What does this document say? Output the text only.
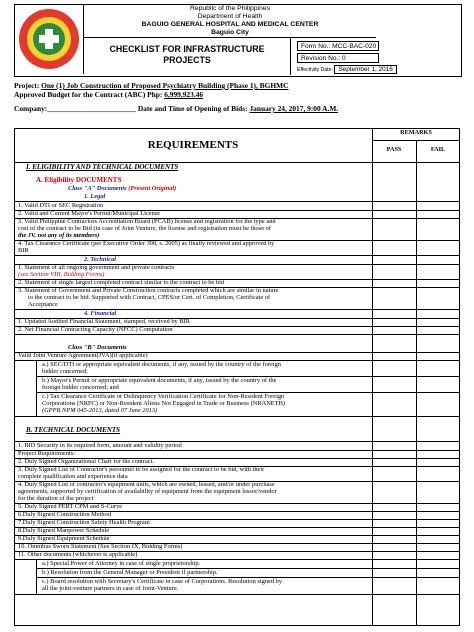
Republic of the Philippines
Department of Health
BAGUIO GENERAL HOSPITAL AND MEDICAL CENTER
Baguio City
CHECKLIST FOR INFRASTRUCTURE
PROJECTS
Form No.: MCC-BAC-020
Revision No.: 0
Effectivity Date: September 1, 2016
Project: One (1) Job Construction of Proposed Psychiatry Building (Phase 1), BGHMC
Approved Budget for the Contract (ABC) Php: 6,999,923.46
Company:________________________ Date and Time of Opening of Bids: January 24, 2017, 9:00 A.M.
REQUIREMENTS
REMARKS
PASS	FAIL
I. ELIGIBILITY AND TECHNICAL DOCUMENTS
A. Eligibility DOCUMENTS
Class "A" Documents (Present Original)
1. Legal
1. Valid DTI or SEC Registration
2. Valid and Current Mayor's Permit/Municipal License
3. Valid Philippine Contractors Accreditation Board (PCAB) license and registration for the type and
cost of the contract to be Bid (in case of Joint Venture, the license and registration must be those of
the JV, not any of its members)
4. Tax Clearance Certificate (per Executive Order 398, s. 2005) as finally reviewed and approved by
BIR
2. Technical
1. Statement of all ongoing government and private contracts
(see Section VIII, Bidding Forms)
2. Statement of single largest completed contract similar to the contract to be bid
3. Statement of Government and Private Construction contracts completed which are similar in nature
to the contract to be bid. Supported with Contract, CPES/or Cert. of Completion, Certificate of
Acceptance
4. Financial
1. Updated Audited Financial Statement, stamped, received by BIR
2. Net Financial Contracting Capacity (NFCC) Computation
Class "B" Documents
Valid Joint Venture Agreement(JVA)(if applicable)
a.) SEC/DTI or appropriate equivalent documents, if any, issued by the country of the foreign
bidder concerned;
b.) Mayor's Permit or appropriate equivalent documents, if any, issued by the country of the
foreign bidder concerned; and
c.) Tax Clearance Certificate or Delinquency Verification Certificate for Non-Resident Foreign
Corporations (NRFC) or Non-Resident Aliens Not Engaged in Trade or Business (NRANETB)
(GPPB NPM 045-2013, dated 07 June 2013)
B. TECHNICAL DOCUMENTS
1. BID Security in its required form, amount and validity period
Project Requirements:
2. Duly Signed Organizational Chart for the contract.
3. Duly Signed List of Contractor's personnel to be assigned for the contract to be bid, with their
complete qualification and experience data
4. Duly Signed List of contractor's equipment units, which are owned, leased, and/or under purchase
agreements, supported by certification of availability of equipment from the equipment lessor/vendor
for the duration of the project
5. Duly Signed PERT CPM and S-Curve
6.Duly Signed Construction Method
7.Duly Signed Construction Safety Health Program
8.Duly Signed Manpower Schedule
9.Duly Signed Equipment Schedule
10. Omnibus Sworn Statement (See Section IX, Bidding Forms)
11. Other documents (whichever is applicable)
a.) Special Power of Attorney in case of single proprietorship.
b.) Resolution from the General Manager or President if partnership.
c.) Board resolution with Secretary's Certificate in case of Corporations. Resolution signed by
all the joint-venture partners in case of Joint-Venture.
